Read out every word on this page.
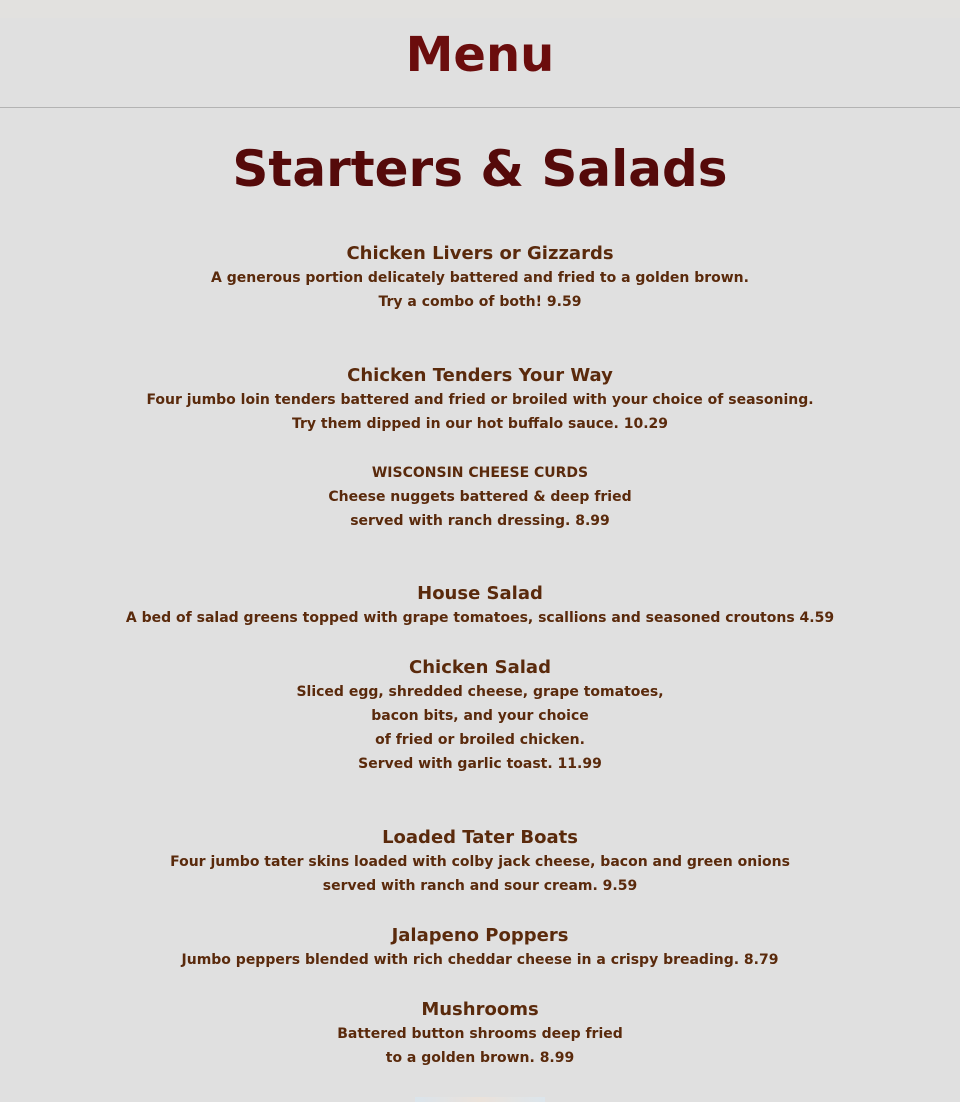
Menu
Starters & Salads
Chicken Livers or Gizzards
A generous portion delicately battered and fried to a golden brown.
Try a combo of both! 9.59
Chicken Tenders Your Way
Four jumbo loin tenders battered and fried or broiled with your choice of seasoning.
Try them dipped in our hot buffalo sauce. 10.29
WISCONSIN CHEESE CURDS
Cheese nuggets battered & deep fried
served with ranch dressing. 8.99
House Salad
A bed of salad greens topped with grape tomatoes, scallions and seasoned croutons 4.59
Chicken Salad
Sliced egg, shredded cheese, grape tomatoes,
bacon bits, and your choice
of fried or broiled chicken.
Served with garlic toast. 11.99
Loaded Tater Boats
Four jumbo tater skins loaded with colby jack cheese, bacon and green onions
served with ranch and sour cream. 9.59
Jalapeno Poppers
Jumbo peppers blended with rich cheddar cheese in a crispy breading. 8.79
Mushrooms
Battered button shrooms deep fried
to a golden brown. 8.99
